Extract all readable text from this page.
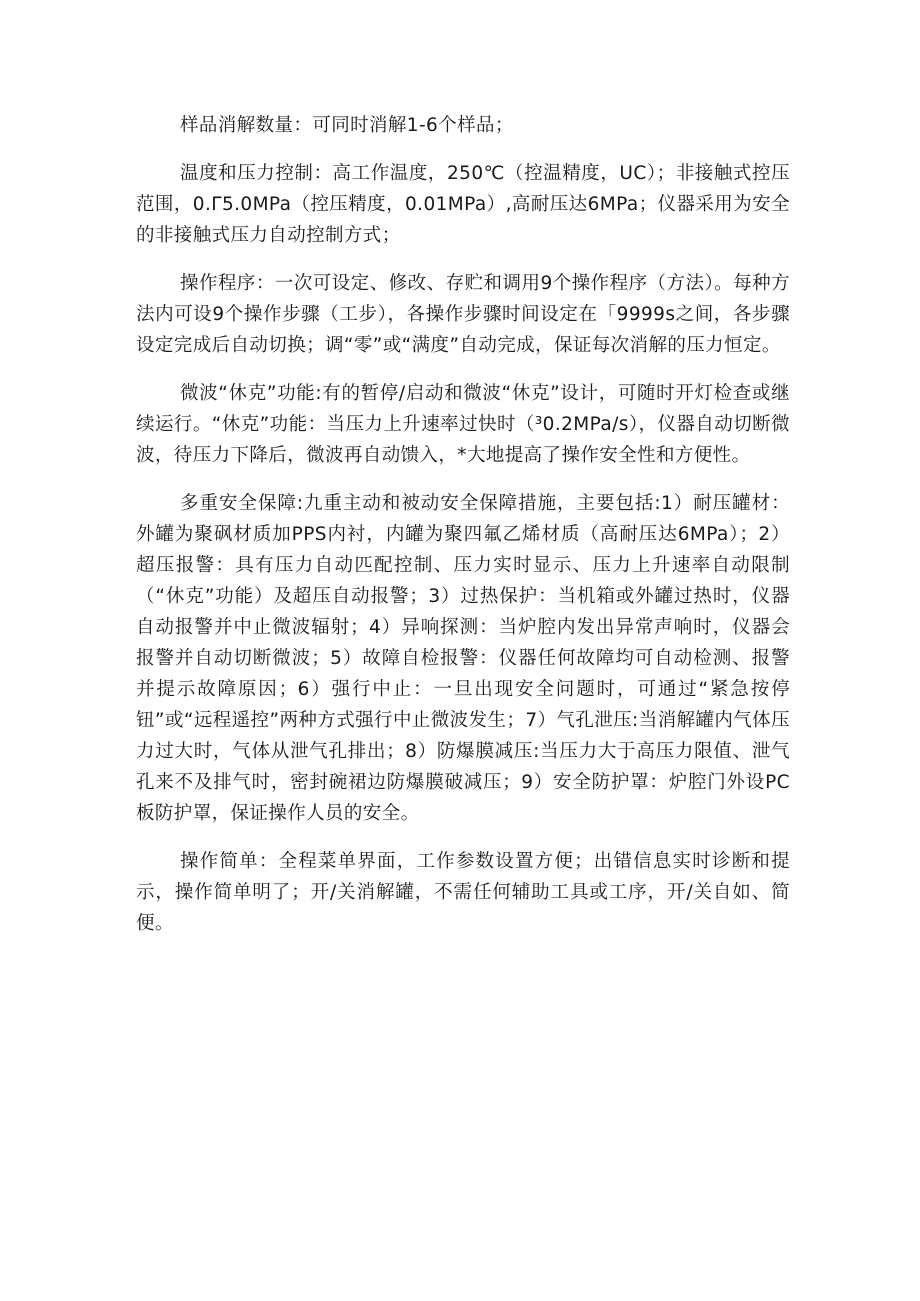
样品消解数量：可同时消解1-6个样品；

温度和压力控制：高工作温度，250℃（控温精度，UC）；非接触式控压范围，0.Γ5.0MPa（控压精度，0.01MPa）,高耐压达6MPa；仪器采用为安全的非接触式压力自动控制方式；

操作程序：一次可设定、修改、存贮和调用9个操作程序（方法）。每种方法内可设9个操作步骤（工步），各操作步骤时间设定在「9999s之间，各步骤设定完成后自动切换；调“零”或“满度”自动完成，保证每次消解的压力恒定。

微波“休克”功能:有的暂停/启动和微波“休克”设计，可随时开灯检查或继续运行。“休克”功能：当压力上升速率过快时（³0.2MPa/s），仪器自动切断微波，待压力下降后，微波再自动馈入，*大地提高了操作安全性和方便性。

多重安全保障:九重主动和被动安全保障措施，主要包括:1）耐压罐材：外罐为聚砜材质加PPS内衬，内罐为聚四氟乙烯材质（高耐压达6MPa）；2）超压报警：具有压力自动匹配控制、压力实时显示、压力上升速率自动限制（“休克”功能）及超压自动报警；3）过热保护：当机箱或外罐过热时，仪器自动报警并中止微波辐射；4）异响探测：当炉腔内发出异常声响时，仪器会报警并自动切断微波；5）故障自检报警：仪器任何故障均可自动检测、报警并提示故障原因；6）强行中止：一旦出现安全问题时，可通过“紧急按停钮”或“远程遥控”两种方式强行中止微波发生；7）气孔泄压:当消解罐内气体压力过大时，气体从泄气孔排出；8）防爆膜减压:当压力大于高压力限值、泄气孔来不及排气时，密封碗裙边防爆膜破减压；9）安全防护罩：炉腔门外设PC板防护罩，保证操作人员的安全。

操作简单：全程菜单界面，工作参数设置方便；出错信息实时诊断和提示，操作简单明了；开/关消解罐，不需任何辅助工具或工序，开/关自如、简便。
